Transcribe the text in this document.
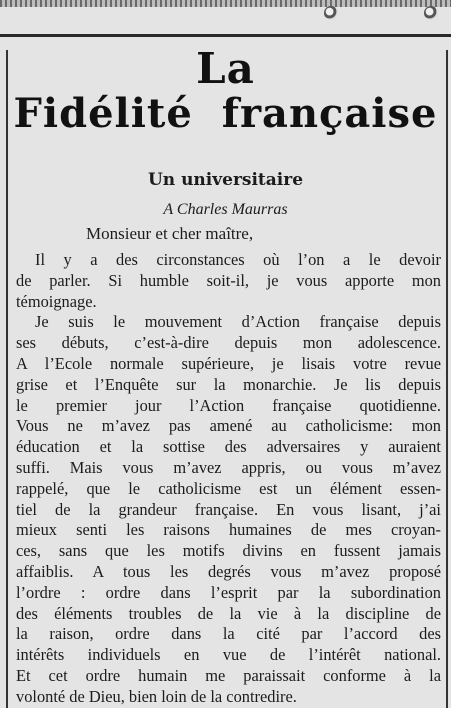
La
Fidélité française
Un universitaire

A Charles Maurras

Monsieur et cher maître,

Il y a des circonstances où l’on a le devoir
de parler. Si humble soit-il, je vous apporte mon
témoignage.

Je suis le mouvement d’Action française depuis
ses débuts, c’est-à-dire depuis mon adolescence.
A l’Ecole normale supérieure, je lisais votre revue
grise et l’Enquête sur la monarchie. Je lis depuis
le premier jour l’Action française quotidienne.
Vous ne m’avez pas amené au catholicisme: mon
éducation et la sottise des adversaires y auraient
suffi. Mais vous m’avez appris, ou vous m’avez
rappelé, que le catholicisme est un élément essen-
tiel de la grandeur française. En vous lisant, j’ai
mieux senti les raisons humaines de mes croyan-
ces, sans que les motifs divins en fussent jamais
affaiblis. A tous les degrés vous m’avez proposé
l’ordre : ordre dans l’esprit par la subordination
des éléments troubles de la vie à la discipline de
la raison, ordre dans la cité par l’accord des
intérêts individuels en vue de l’intérêt national.
Et cet ordre humain me paraissait conforme à la
volonté de Dieu, bien loin de la contredire.
